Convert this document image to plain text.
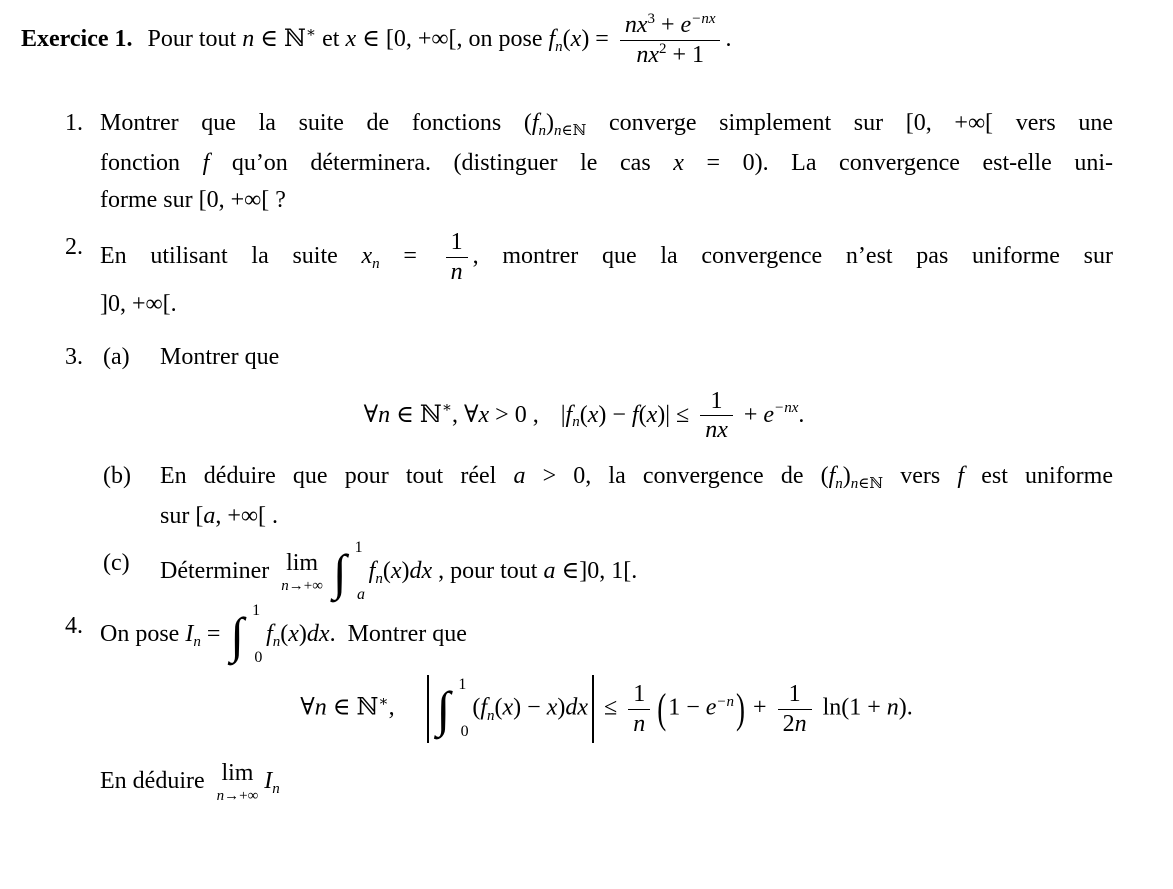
Exercice 1. Pour tout n ∈ ℕ∗ et x ∈ [0, +∞[, on pose $f_n(x) = \frac{nx^3 + e^{-nx}}{nx^2 + 1}$ .
1. Montrer que la suite de fonctions $(f_n)_{n\in ℕ}$ converge simplement sur [0, +∞[ vers une
fonction f qu’on déterminera. (distinguer le cas x = 0). La convergence est-elle uni-
forme sur [0, +∞[ ?
2. En utilisant la suite $x_n = \frac{1}{n}$ , montrer que la convergence n’est pas uniforme sur
]0, +∞[.
3. (a) Montrer que
∀n ∈ ℕ∗, ∀x > 0 , $|f_n(x) - f(x)| \le \frac{1}{nx} + e^{-nx}$.
(b) En déduire que pour tout réel a > 0, la convergence de $(f_n)_{n\in ℕ}$ vers f est uniforme
sur [a, +∞[ .
(c) Déterminer lim
n→+∞ ∫ 1
a
$f_n(x)dx$ , pour tout a ∈]0, 1[.
4. On pose $I_n$ = ∫ 1
0
$f_n(x)dx$. Montrer que
∀n ∈ ℕ∗, ∫ 1
0
$(f_n(x) - x)dx \le \frac{1}{n} (1 - e^{-n}) + \frac{1}{2n} \ln(1 + n)$.
En déduire lim
n→+∞
$I_n$
